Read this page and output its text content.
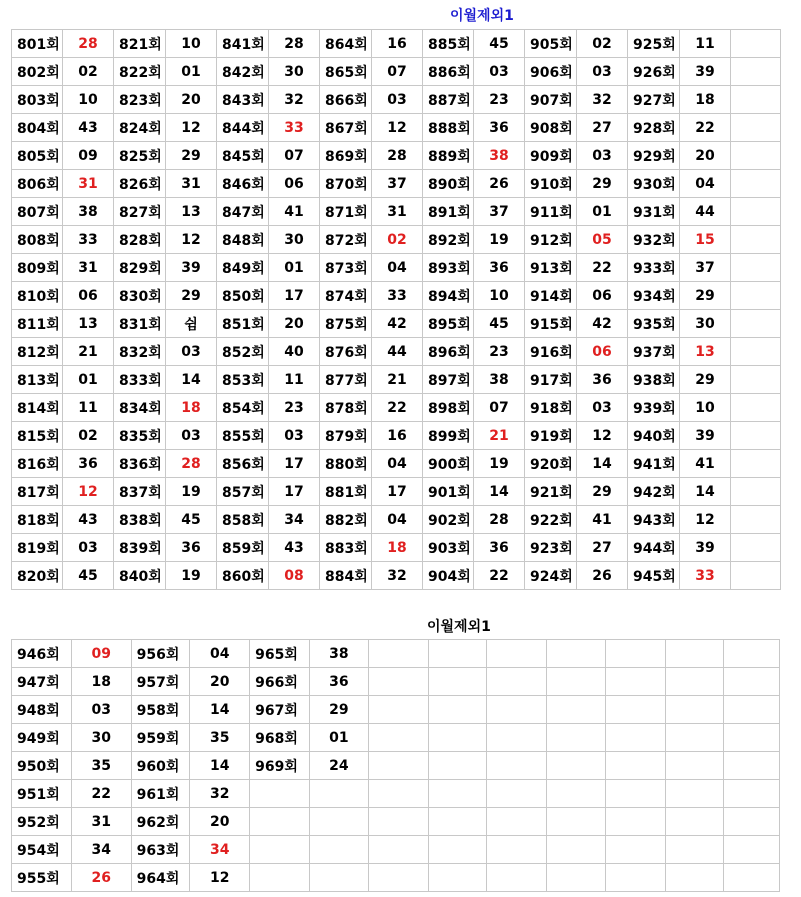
이월제외1
801회	28	821회	10	841회	28	864회	16	885회	45	905회	02	925회	11	
802회	02	822회	01	842회	30	865회	07	886회	03	906회	03	926회	39	
803회	10	823회	20	843회	32	866회	03	887회	23	907회	32	927회	18	
804회	43	824회	12	844회	33	867회	12	888회	36	908회	27	928회	22	
805회	09	825회	29	845회	07	869회	28	889회	38	909회	03	929회	20	
806회	31	826회	31	846회	06	870회	37	890회	26	910회	29	930회	04	
807회	38	827회	13	847회	41	871회	31	891회	37	911회	01	931회	44	
808회	33	828회	12	848회	30	872회	02	892회	19	912회	05	932회	15	
809회	31	829회	39	849회	01	873회	04	893회	36	913회	22	933회	37	
810회	06	830회	29	850회	17	874회	33	894회	10	914회	06	934회	29	
811회	13	831회	쉼	851회	20	875회	42	895회	45	915회	42	935회	30	
812회	21	832회	03	852회	40	876회	44	896회	23	916회	06	937회	13	
813회	01	833회	14	853회	11	877회	21	897회	38	917회	36	938회	29	
814회	11	834회	18	854회	23	878회	22	898회	07	918회	03	939회	10	
815회	02	835회	03	855회	03	879회	16	899회	21	919회	12	940회	39	
816회	36	836회	28	856회	17	880회	04	900회	19	920회	14	941회	41	
817회	12	837회	19	857회	17	881회	17	901회	14	921회	29	942회	14	
818회	43	838회	45	858회	34	882회	04	902회	28	922회	41	943회	12	
819회	03	839회	36	859회	43	883회	18	903회	36	923회	27	944회	39	
820회	45	840회	19	860회	08	884회	32	904회	22	924회	26	945회	33	
이월제외1
946회	09	956회	04	965회	38							
947회	18	957회	20	966회	36							
948회	03	958회	14	967회	29							
949회	30	959회	35	968회	01							
950회	35	960회	14	969회	24							
951회	22	961회	32									
952회	31	962회	20									
954회	34	963회	34									
955회	26	964회	12									
